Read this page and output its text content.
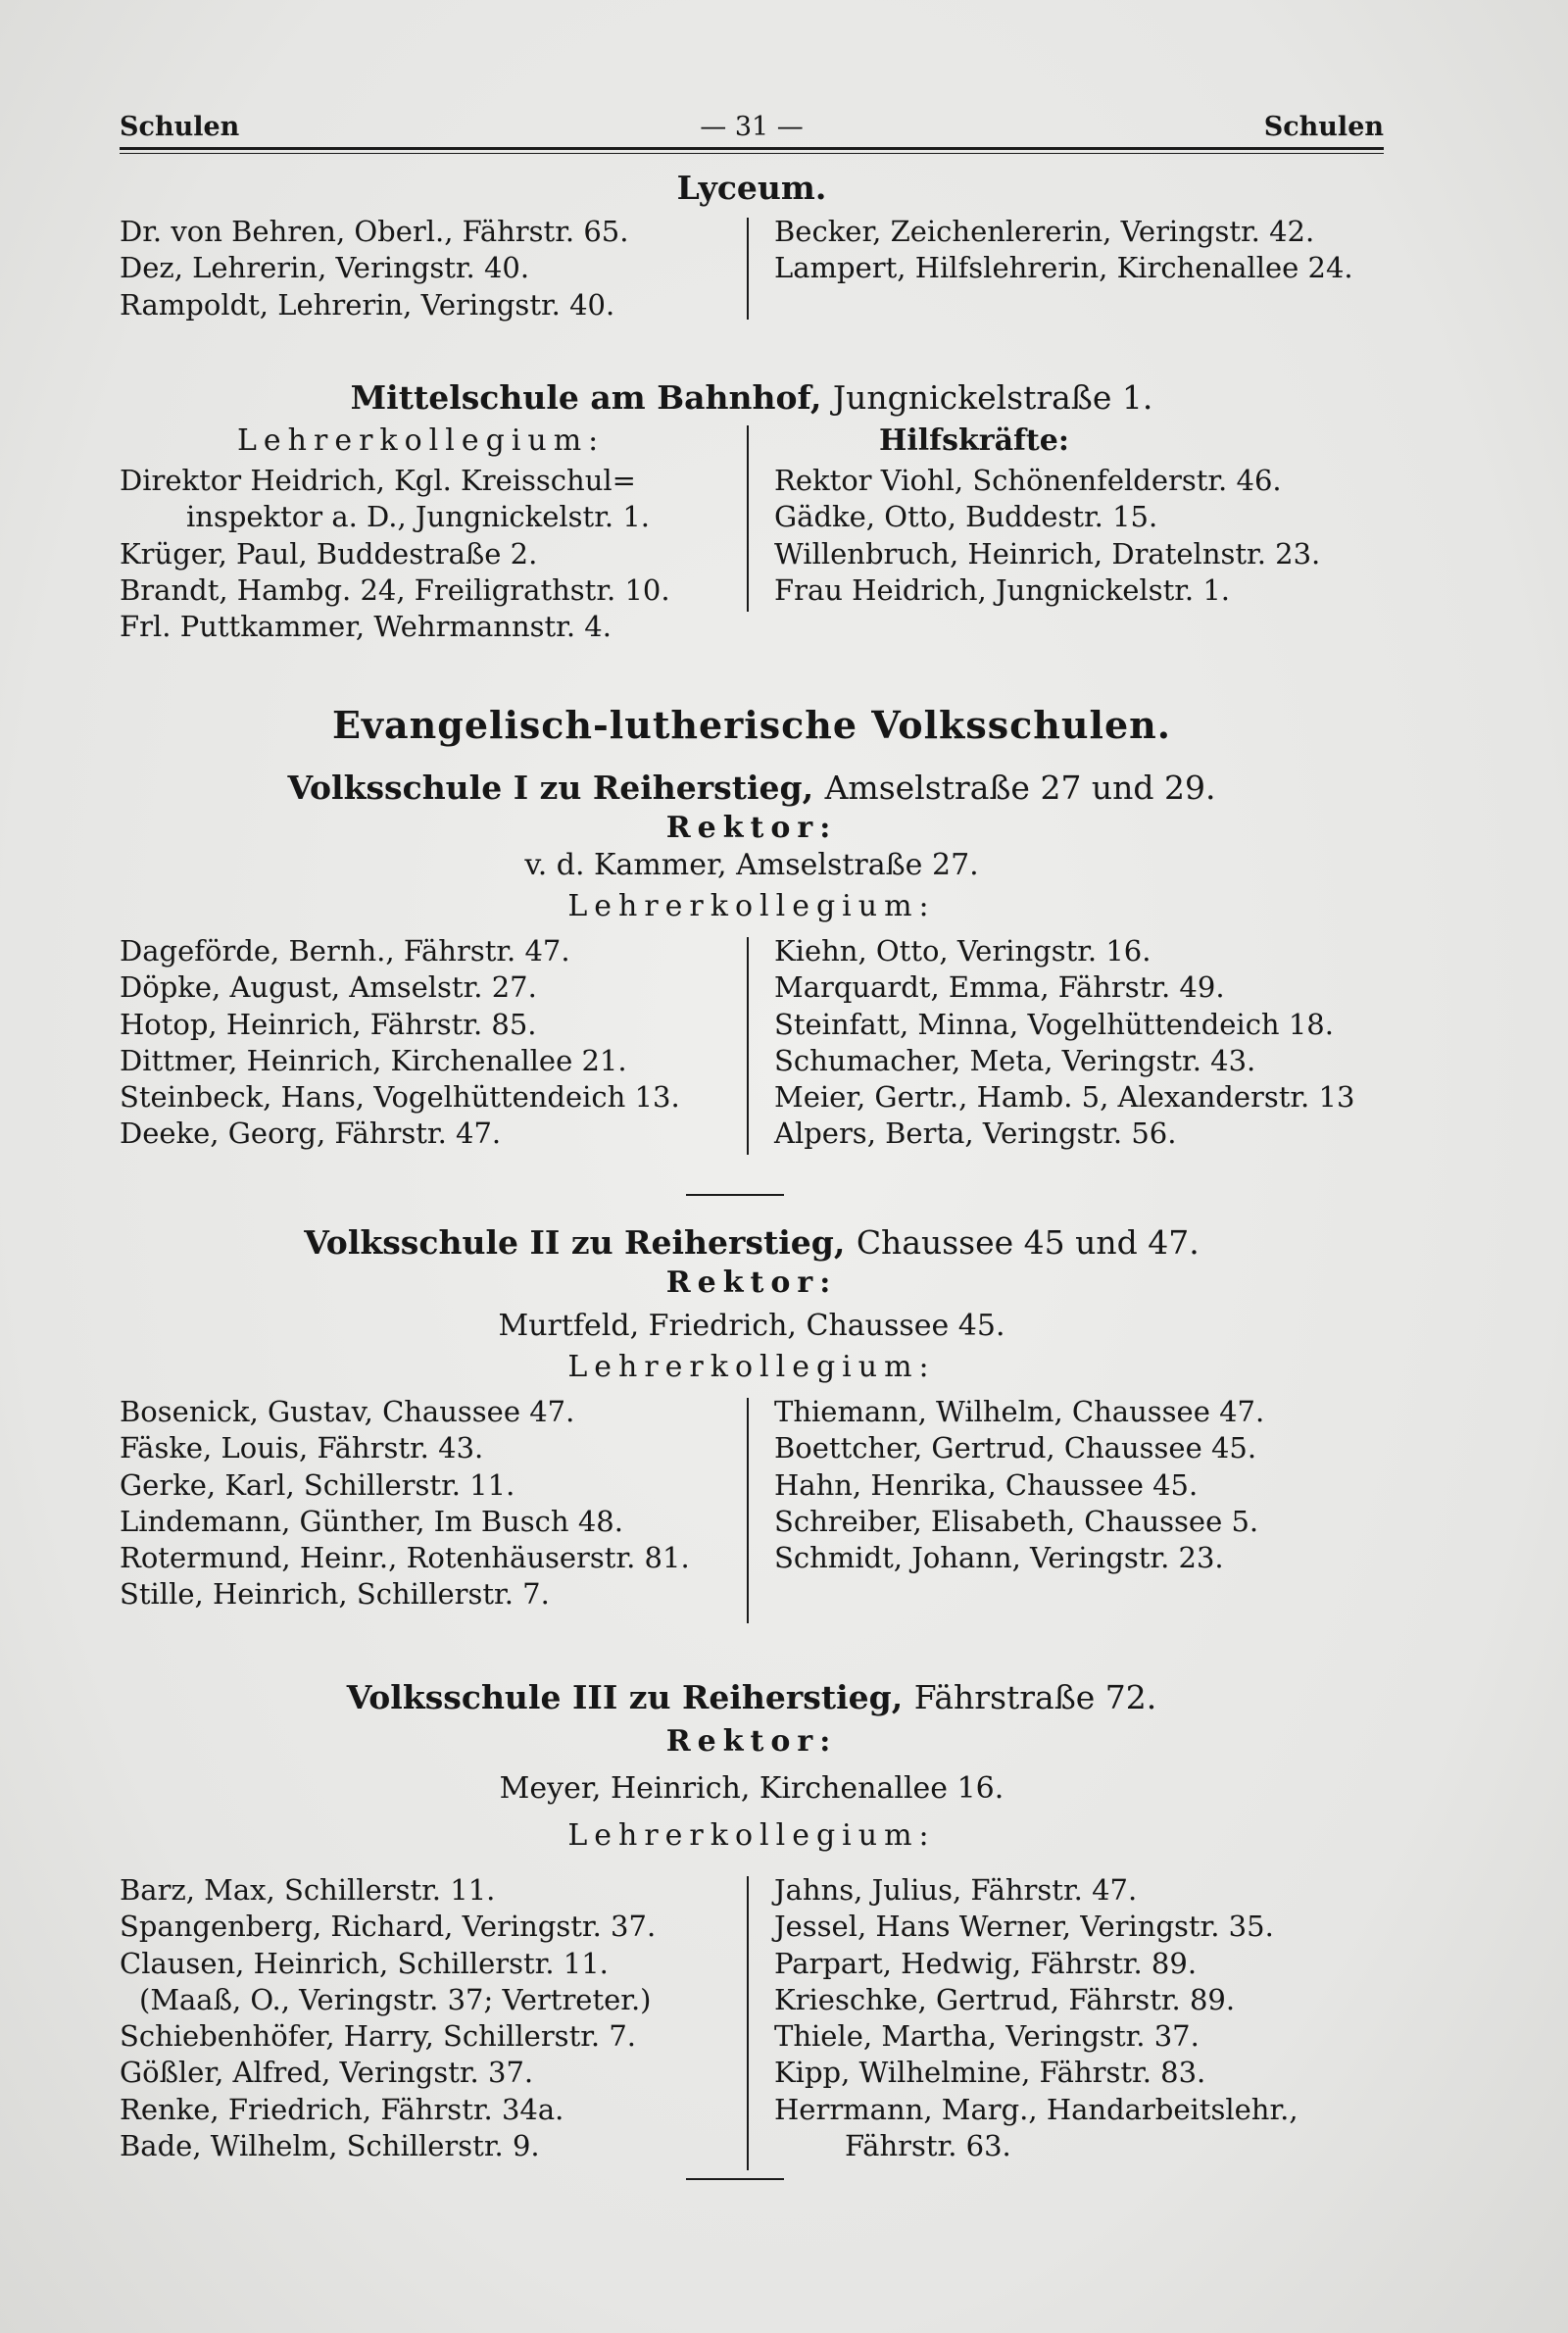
Schulen	— 31 —	Schulen
Lyceum.
Dr. von Behren, Oberl., Fährstr. 65.
Dez, Lehrerin, Veringstr. 40.
Rampoldt, Lehrerin, Veringstr. 40.
Becker, Zeichenlererin, Veringstr. 42.
Lampert, Hilfslehrerin, Kirchenallee 24.
Mittelschule am Bahnhof, Jungnickelstraße 1.
Lehrerkollegium:	Hilfskräfte:
Direktor Heidrich, Kgl. Kreisschul=
inspektor a. D., Jungnickelstr. 1.
Krüger, Paul, Buddestraße 2.
Brandt, Hambg. 24, Freiligrathstr. 10.
Frl. Puttkammer, Wehrmannstr. 4.
Rektor Viohl, Schönenfelderstr. 46.
Gädke, Otto, Buddestr. 15.
Willenbruch, Heinrich, Dratelnstr. 23.
Frau Heidrich, Jungnickelstr. 1.
Evangelisch-lutherische Volksschulen.
Volksschule I zu Reiherstieg, Amselstraße 27 und 29.
Rektor:
v. d. Kammer, Amselstraße 27.
Lehrerkollegium:
Dageförde, Bernh., Fährstr. 47.
Döpke, August, Amselstr. 27.
Hotop, Heinrich, Fährstr. 85.
Dittmer, Heinrich, Kirchenallee 21.
Steinbeck, Hans, Vogelhüttendeich 13.
Deeke, Georg, Fährstr. 47.
Kiehn, Otto, Veringstr. 16.
Marquardt, Emma, Fährstr. 49.
Steinfatt, Minna, Vogelhüttendeich 18.
Schumacher, Meta, Veringstr. 43.
Meier, Gertr., Hamb. 5, Alexanderstr. 13
Alpers, Berta, Veringstr. 56.
Volksschule II zu Reiherstieg, Chaussee 45 und 47.
Rektor:
Murtfeld, Friedrich, Chaussee 45.
Lehrerkollegium:
Bosenick, Gustav, Chaussee 47.
Fäske, Louis, Fährstr. 43.
Gerke, Karl, Schillerstr. 11.
Lindemann, Günther, Im Busch 48.
Rotermund, Heinr., Rotenhäuserstr. 81.
Stille, Heinrich, Schillerstr. 7.
Thiemann, Wilhelm, Chaussee 47.
Boettcher, Gertrud, Chaussee 45.
Hahn, Henrika, Chaussee 45.
Schreiber, Elisabeth, Chaussee 5.
Schmidt, Johann, Veringstr. 23.
Volksschule III zu Reiherstieg, Fährstraße 72.
Rektor:
Meyer, Heinrich, Kirchenallee 16.
Lehrerkollegium:
Barz, Max, Schillerstr. 11.
Spangenberg, Richard, Veringstr. 37.
Clausen, Heinrich, Schillerstr. 11.
(Maaß, O., Veringstr. 37; Vertreter.)
Schiebenhöfer, Harry, Schillerstr. 7.
Gößler, Alfred, Veringstr. 37.
Renke, Friedrich, Fährstr. 34a.
Bade, Wilhelm, Schillerstr. 9.
Jahns, Julius, Fährstr. 47.
Jessel, Hans Werner, Veringstr. 35.
Parpart, Hedwig, Fährstr. 89.
Krieschke, Gertrud, Fährstr. 89.
Thiele, Martha, Veringstr. 37.
Kipp, Wilhelmine, Fährstr. 83.
Herrmann, Marg., Handarbeitslehr.,
Fährstr. 63.
